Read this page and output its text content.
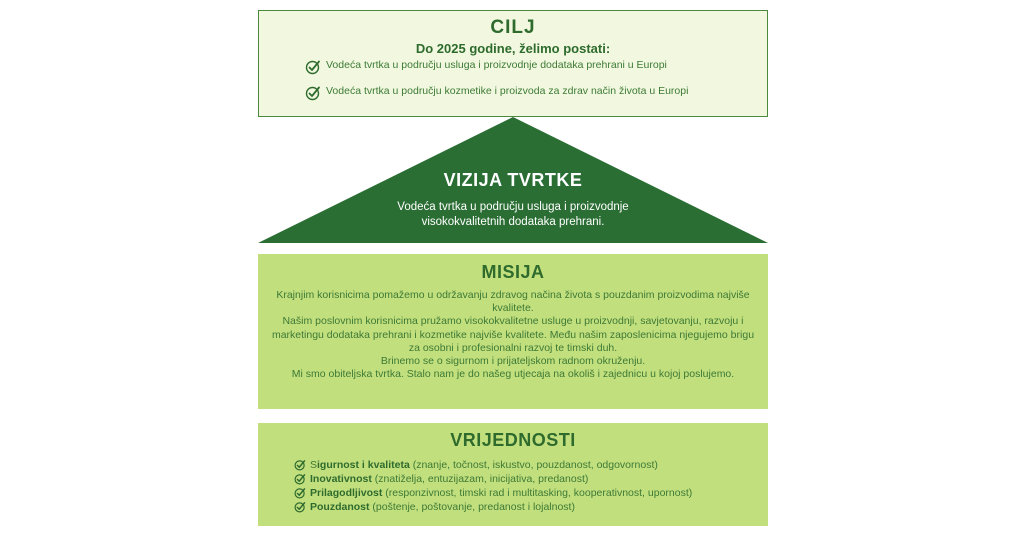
CILJ
Do 2025 godine, želimo postati:
Vodeća tvrtka u području usluga i proizvodnje dodataka prehrani u Europi
Vodeća tvrtka u području kozmetike i proizvoda za zdrav način života u Europi
VIZIJA TVRTKE
Vodeća tvrtka u području usluga i proizvodnje
visokokvalitetnih dodataka prehrani.
MISIJA

Krajnjim korisnicima pomažemo u održavanju zdravog načina života s pouzdanim proizvodima najviše kvalitete.

Našim poslovnim korisnicima pružamo visokokvalitetne usluge u proizvodnji, savjetovanju, razvoju i marketingu dodataka prehrani i kozmetike najviše kvalitete. Među našim zaposlenicima njegujemo brigu za osobni i profesionalni razvoj te timski duh.

Brinemo se o sigurnom i prijateljskom radnom okruženju.

Mi smo obiteljska tvrtka. Stalo nam je do našeg utjecaja na okoliš i zajednicu u kojoj poslujemo.

VRIJEDNOSTI
S igurnost i kvaliteta
(znanje, točnost, iskustvo, pouzdanost, odgovornost)
Inovativnost
(znatiželja, entuzijazam, inicijativa, predanost)
Prilagodljivost
(responzivnost, timski rad i multitasking, kooperativnost, upornost)
Pouzdanost
(poštenje, poštovanje, predanost i lojalnost)
